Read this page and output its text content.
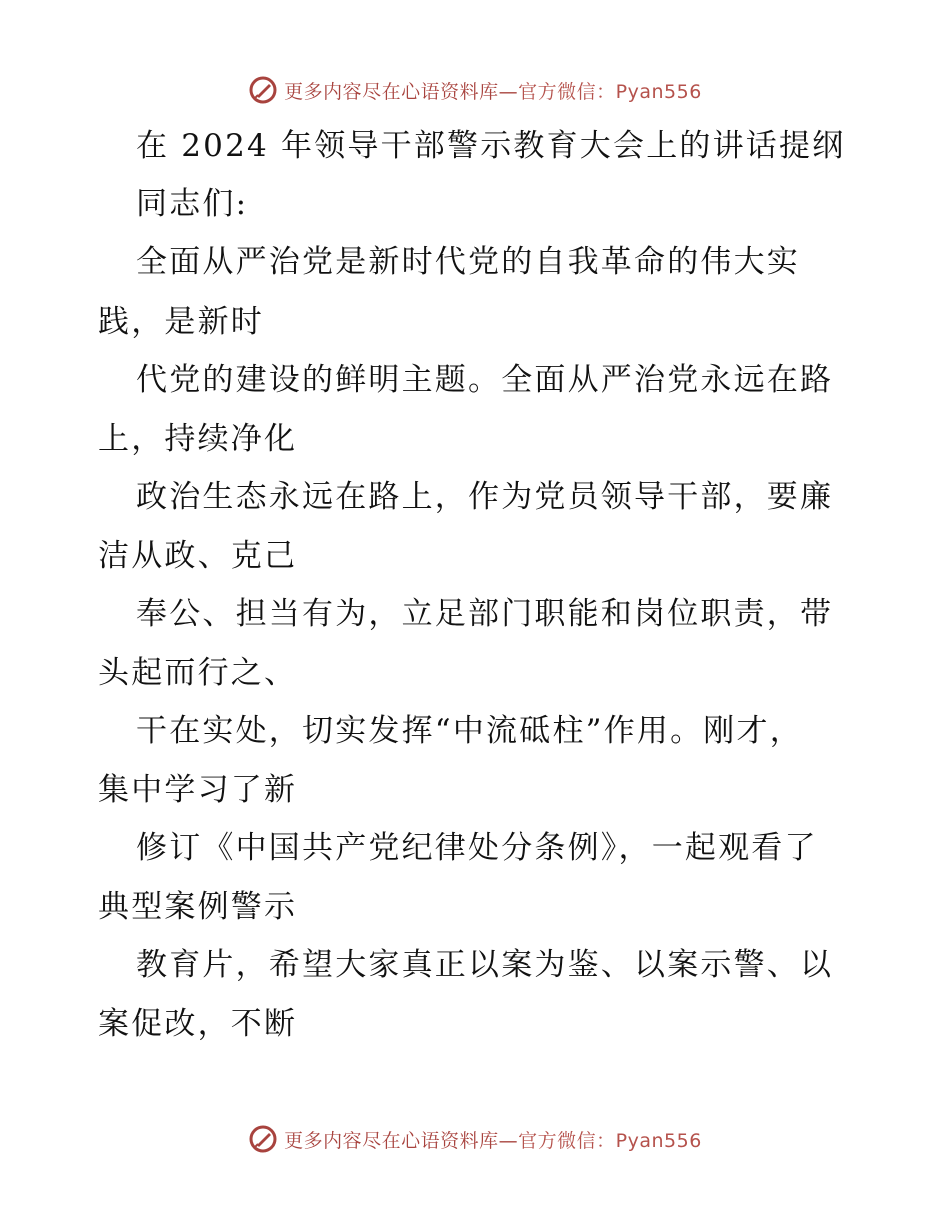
更多内容尽在心语资料库—官方微信：Pyan556
在 2024 年领导干部警示教育大会上的讲话提纲
同志们:
全面从严治党是新时代党的自我革命的伟大实
践，是新时
代党的建设的鲜明主题。全面从严治党永远在路
上，持续净化
政治生态永远在路上，作为党员领导干部，要廉
洁从政、克己
奉公、担当有为，立足部门职能和岗位职责，带
头起而行之、
干在实处，切实发挥“中流砥柱”作用。刚才，
集中学习了新
修订《中国共产党纪律处分条例》，一起观看了
典型案例警示
教育片，希望大家真正以案为鉴、以案示警、以
案促改，不断
更多内容尽在心语资料库—官方微信：Pyan556
